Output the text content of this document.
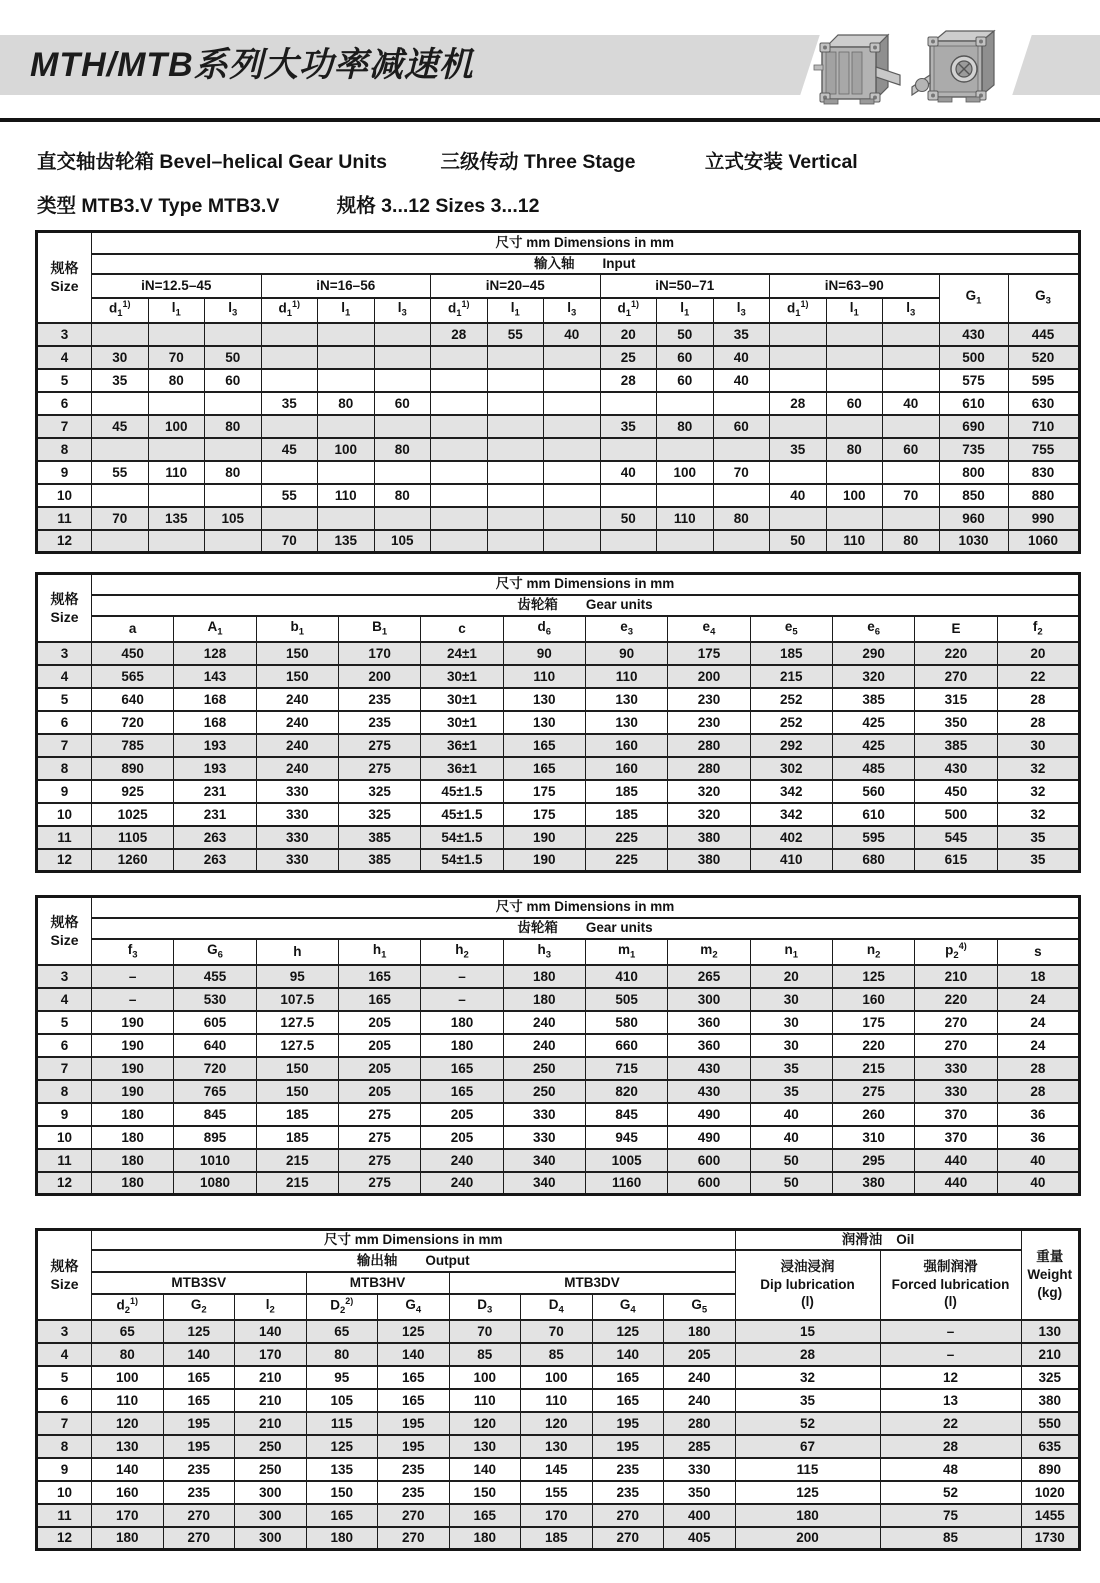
MTH/MTB系列大功率减速机
直交轴齿轮箱 Bevel–helical Gear Units	三级传动 Three Stage	立式安装 Vertical
类型 MTB3.V Type MTB3.V	规格 3...12 Sizes 3...12
规格
Size	尺寸 mm Dimensions in mm																
	输入轴 Input																
	iN=12.5–45			iN=16–56			iN=20–45			iN=50–71			iN=63–90			$G_1$	$G_3$
	$d_1^{1)}$	$l_1$	$l_3$	$d_1^{1)}$	$l_1$	$l_3$	$d_1^{1)}$	$l_1$	$l_3$	$d_1^{1)}$	$l_1$	$l_3$	$d_1^{1)}$	$l_1$	$l_3$
3							28	55	40	20	50	35				430	445
4	30	70	50							25	60	40				500	520
5	35	80	60							28	60	40				575	595
6				35	80	60							28	60	40	610	630
7	45	100	80							35	80	60				690	710
8				45	100	80							35	80	60	735	755
9	55	110	80							40	100	70				800	830
10				55	110	80							40	100	70	850	880
11	70	135	105							50	110	80				960	990
12				70	135	105							50	110	80	1030	1060
规格
Size	尺寸 mm Dimensions in mm											
	齿轮箱 Gear units											
	a	$A_1$	$b_1$	$B_1$	c	$d_6$	$e_3$	$e_4$	$e_5$	$e_6$	E	$f_2$
3	450	128	150	170	24±1	90	90	175	185	290	220	20
4	565	143	150	200	30±1	110	110	200	215	320	270	22
5	640	168	240	235	30±1	130	130	230	252	385	315	28
6	720	168	240	235	30±1	130	130	230	252	425	350	28
7	785	193	240	275	36±1	165	160	280	292	425	385	30
8	890	193	240	275	36±1	165	160	280	302	485	430	32
9	925	231	330	325	45±1.5	175	185	320	342	560	450	32
10	1025	231	330	325	45±1.5	175	185	320	342	610	500	32
11	1105	263	330	385	54±1.5	190	225	380	402	595	545	35
12	1260	263	330	385	54±1.5	190	225	380	410	680	615	35
规格
Size	尺寸 mm Dimensions in mm											
	齿轮箱 Gear units											
	$f_3$	$G_6$	h	$h_1$	$h_2$	$h_3$	$m_1$	$m_2$	$n_1$	$n_2$	$p_2^{4)}$	s
3	–	455	95	165	–	180	410	265	20	125	210	18
4	–	530	107.5	165	–	180	505	300	30	160	220	24
5	190	605	127.5	205	180	240	580	360	30	175	270	24
6	190	640	127.5	205	180	240	660	360	30	220	270	24
7	190	720	150	205	165	250	715	430	35	215	330	28
8	190	765	150	205	165	250	820	430	35	275	330	28
9	180	845	185	275	205	330	845	490	40	260	370	36
10	180	895	185	275	205	330	945	490	40	310	370	36
11	180	1010	215	275	240	340	1005	600	50	295	440	40
12	180	1080	215	275	240	340	1160	600	50	380	440	40
规格
Size	尺寸 mm Dimensions in mm									润滑油 Oil		重量
Weight
(kg)
	输出轴 Output									浸油浸润
Dip lubrication
(l)	强制润滑
Forced lubrication
(l)	
	MTB3SV			MTB3HV		MTB3DV						
	$d_2^{1)}$	$G_2$	$l_2$	$D_2^{2)}$	$G_4$	$D_3$	$D_4$	$G_4$	$G_5$
3	65	125	140	65	125	70	70	125	180	15	–	130
4	80	140	170	80	140	85	85	140	205	28	–	210
5	100	165	210	95	165	100	100	165	240	32	12	325
6	110	165	210	105	165	110	110	165	240	35	13	380
7	120	195	210	115	195	120	120	195	280	52	22	550
8	130	195	250	125	195	130	130	195	285	67	28	635
9	140	235	250	135	235	140	145	235	330	115	48	890
10	160	235	300	150	235	150	155	235	350	125	52	1020
11	170	270	300	165	270	165	170	270	400	180	75	1455
12	180	270	300	180	270	180	185	270	405	200	85	1730
